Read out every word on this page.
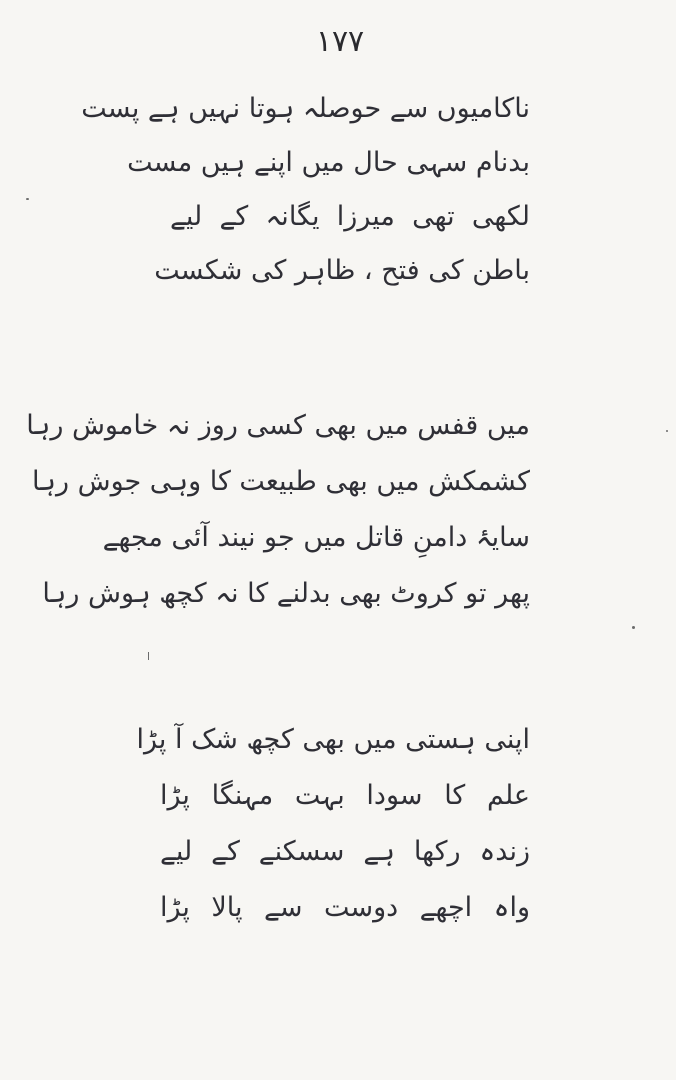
۱۷۷
ناکامیوں سے حوصلہ ہوتا نہیں ہے پست
بدنام سہی حال میں اپنے ہیں مست
لکھی تھی میرزا یگانہ کے لیے
باطن کی فتح ، ظاہر کی شکست
میں قفس میں بھی کسی روز نہ خاموش رہا
کشمکش میں بھی طبیعت کا وہی جوش رہا
سایۂ دامنِ قاتل میں جو نیند آئی مجھے
پھر تو کروٹ بھی بدلنے کا نہ کچھ ہوش رہا
اپنی ہستی میں بھی کچھ شک آ پڑا
علم کا سودا بہت مہنگا پڑا
زندہ رکھا ہے سسکنے کے لیے
واہ اچھے دوست سے پالا پڑا
